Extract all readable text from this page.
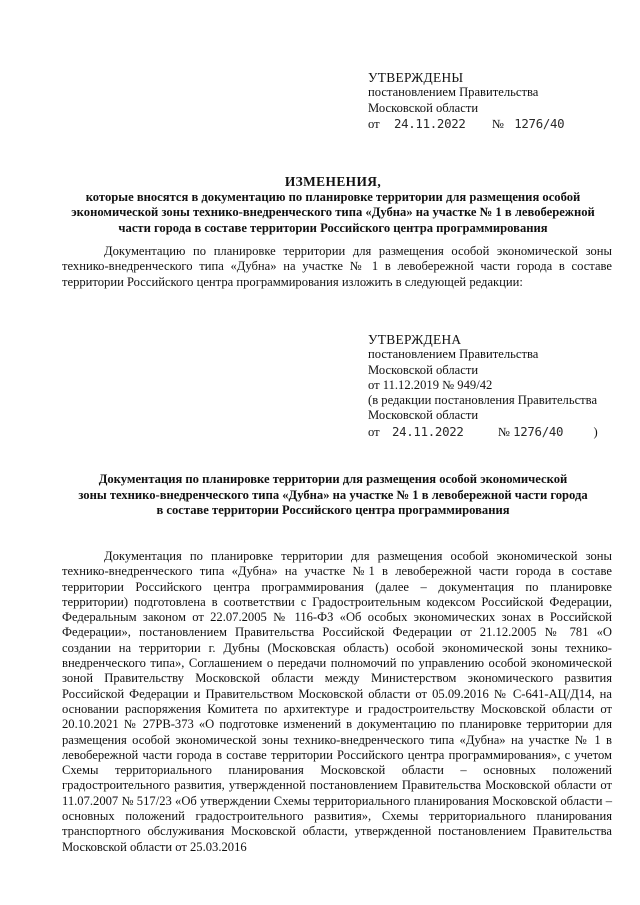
УТВЕРЖДЕНЫ
постановлением Правительства
Московской области
от 24.11.2022 № 1276/40
ИЗМЕНЕНИЯ,
которые вносятся в документацию по планировке территории для размещения особой
экономической зоны технико-внедренческого типа «Дубна» на участке № 1 в левобережной
части города в составе территории Российского центра программирования

Документацию по планировке территории для размещения особой экономической зоны технико-внедренческого типа «Дубна» на участке № 1 в левобережной части города в составе территории Российского центра программирования изложить в следующей редакции:

УТВЕРЖДЕНА
постановлением Правительства
Московской области
от 11.12.2019 № 949/42
(в редакции постановления Правительства
Московской области
от 24.11.2022	№ 1276/40 )
Документация по планировке территории для размещения особой экономической
зоны технико-внедренческого типа «Дубна» на участке № 1 в левобережной части города
в составе территории Российского центра программирования

Документация по планировке территории для размещения особой экономической зоны технико-внедренческого типа «Дубна» на участке №1 в левобережной части города в составе территории Российского центра программирования (далее – документация по планировке территории) подготовлена в соответствии с Градостроительным кодексом Российской Федерации, Федеральным законом от 22.07.2005 № 116-ФЗ «Об особых экономических зонах в Российской Федерации», постановлением Правительства Российской Федерации от 21.12.2005 № 781 «О создании на территории г. Дубны (Московская область) особой экономической зоны технико-внедренческого типа», Соглашением о передачи полномочий по управлению особой экономической зоной Правительству Московской области между Министерством экономического развития Российской Федерации и Правительством Московской области от 05.09.2016 № С-641-АЦ/Д14, на основании распоряжения Комитета по архитектуре и градостроительству Московской области от 20.10.2021 № 27РВ-373 «О подготовке изменений в документацию по планировке территории для размещения особой экономической зоны технико-внедренческого типа «Дубна» на участке № 1 в левобережной части города в составе территории Российского центра программирования», с учетом Схемы территориального планирования Московской области – основных положений градостроительного развития, утвержденной постановлением Правительства Московской области от 11.07.2007 № 517/23 «Об утверждении Схемы территориального планирования Московской области – основных положений градостроительного развития», Схемы территориального планирования транспортного обслуживания Московской области, утвержденной постановлением Правительства Московской области от 25.03.2016
